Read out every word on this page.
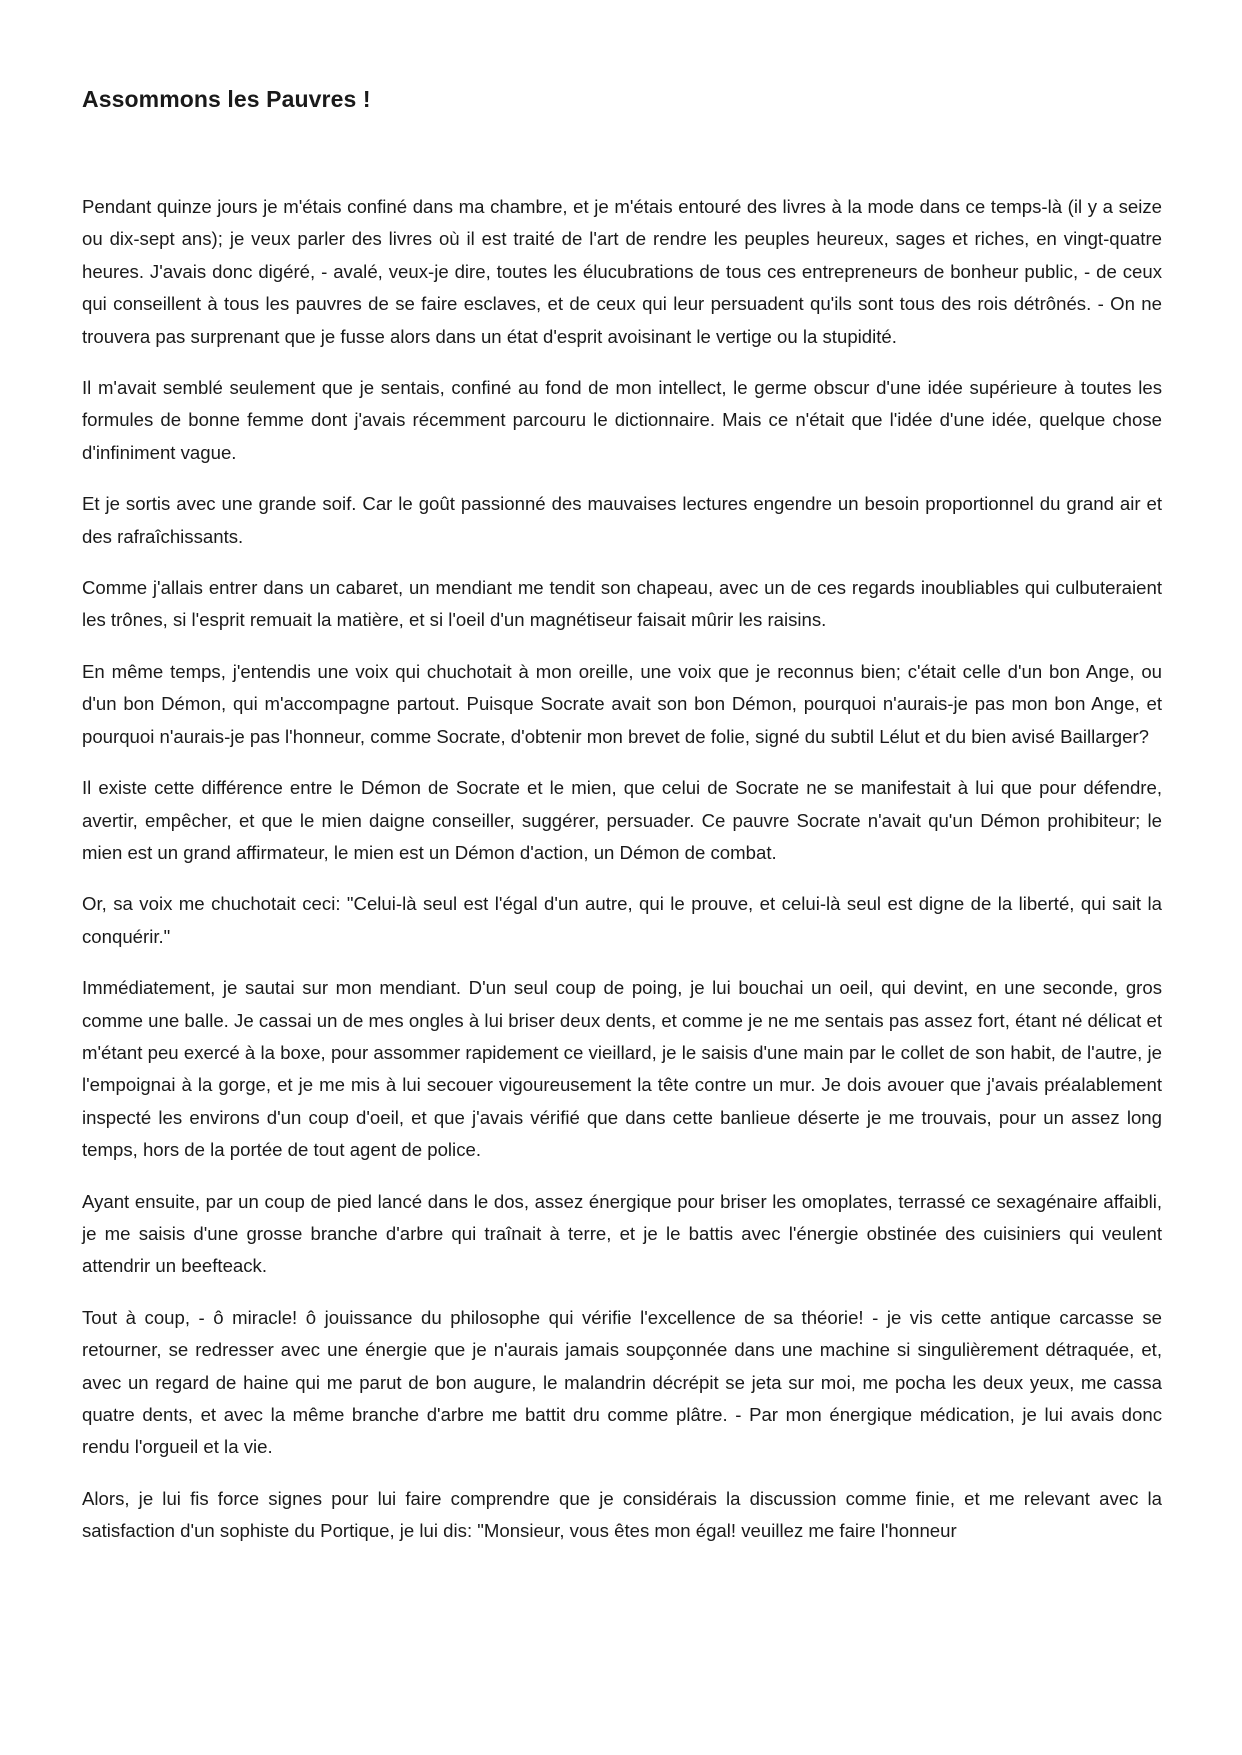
Assommons les Pauvres !

Pendant quinze jours je m'étais confiné dans ma chambre, et je m'étais entouré des livres à la mode dans ce temps-là (il y a seize ou dix-sept ans); je veux parler des livres où il est traité de l'art de rendre les peuples heureux, sages et riches, en vingt-quatre heures. J'avais donc digéré, - avalé, veux-je dire, toutes les élucubrations de tous ces entrepreneurs de bonheur public, - de ceux qui conseillent à tous les pauvres de se faire esclaves, et de ceux qui leur persuadent qu'ils sont tous des rois détrônés. - On ne trouvera pas surprenant que je fusse alors dans un état d'esprit avoisinant le vertige ou la stupidité.

Il m'avait semblé seulement que je sentais, confiné au fond de mon intellect, le germe obscur d'une idée supérieure à toutes les formules de bonne femme dont j'avais récemment parcouru le dictionnaire. Mais ce n'était que l'idée d'une idée, quelque chose d'infiniment vague.

Et je sortis avec une grande soif. Car le goût passionné des mauvaises lectures engendre un besoin proportionnel du grand air et des rafraîchissants.

Comme j'allais entrer dans un cabaret, un mendiant me tendit son chapeau, avec un de ces regards inoubliables qui culbuteraient les trônes, si l'esprit remuait la matière, et si l'oeil d'un magnétiseur faisait mûrir les raisins.

En même temps, j'entendis une voix qui chuchotait à mon oreille, une voix que je reconnus bien; c'était celle d'un bon Ange, ou d'un bon Démon, qui m'accompagne partout. Puisque Socrate avait son bon Démon, pourquoi n'aurais-je pas mon bon Ange, et pourquoi n'aurais-je pas l'honneur, comme Socrate, d'obtenir mon brevet de folie, signé du subtil Lélut et du bien avisé Baillarger?

Il existe cette différence entre le Démon de Socrate et le mien, que celui de Socrate ne se manifestait à lui que pour défendre, avertir, empêcher, et que le mien daigne conseiller, suggérer, persuader. Ce pauvre Socrate n'avait qu'un Démon prohibiteur; le mien est un grand affirmateur, le mien est un Démon d'action, un Démon de combat.

Or, sa voix me chuchotait ceci: "Celui-là seul est l'égal d'un autre, qui le prouve, et celui-là seul est digne de la liberté, qui sait la conquérir."

Immédiatement, je sautai sur mon mendiant. D'un seul coup de poing, je lui bouchai un oeil, qui devint, en une seconde, gros comme une balle. Je cassai un de mes ongles à lui briser deux dents, et comme je ne me sentais pas assez fort, étant né délicat et m'étant peu exercé à la boxe, pour assommer rapidement ce vieillard, je le saisis d'une main par le collet de son habit, de l'autre, je l'empoignai à la gorge, et je me mis à lui secouer vigoureusement la tête contre un mur. Je dois avouer que j'avais préalablement inspecté les environs d'un coup d'oeil, et que j'avais vérifié que dans cette banlieue déserte je me trouvais, pour un assez long temps, hors de la portée de tout agent de police.

Ayant ensuite, par un coup de pied lancé dans le dos, assez énergique pour briser les omoplates, terrassé ce sexagénaire affaibli, je me saisis d'une grosse branche d'arbre qui traînait à terre, et je le battis avec l'énergie obstinée des cuisiniers qui veulent attendrir un beefteack.

Tout à coup, - ô miracle! ô jouissance du philosophe qui vérifie l'excellence de sa théorie! - je vis cette antique carcasse se retourner, se redresser avec une énergie que je n'aurais jamais soupçonnée dans une machine si singulièrement détraquée, et, avec un regard de haine qui me parut de bon augure, le malandrin décrépit se jeta sur moi, me pocha les deux yeux, me cassa quatre dents, et avec la même branche d'arbre me battit dru comme plâtre. - Par mon énergique médication, je lui avais donc rendu l'orgueil et la vie.

Alors, je lui fis force signes pour lui faire comprendre que je considérais la discussion comme finie, et me relevant avec la satisfaction d'un sophiste du Portique, je lui dis: "Monsieur, vous êtes mon égal! veuillez me faire l'honneur
